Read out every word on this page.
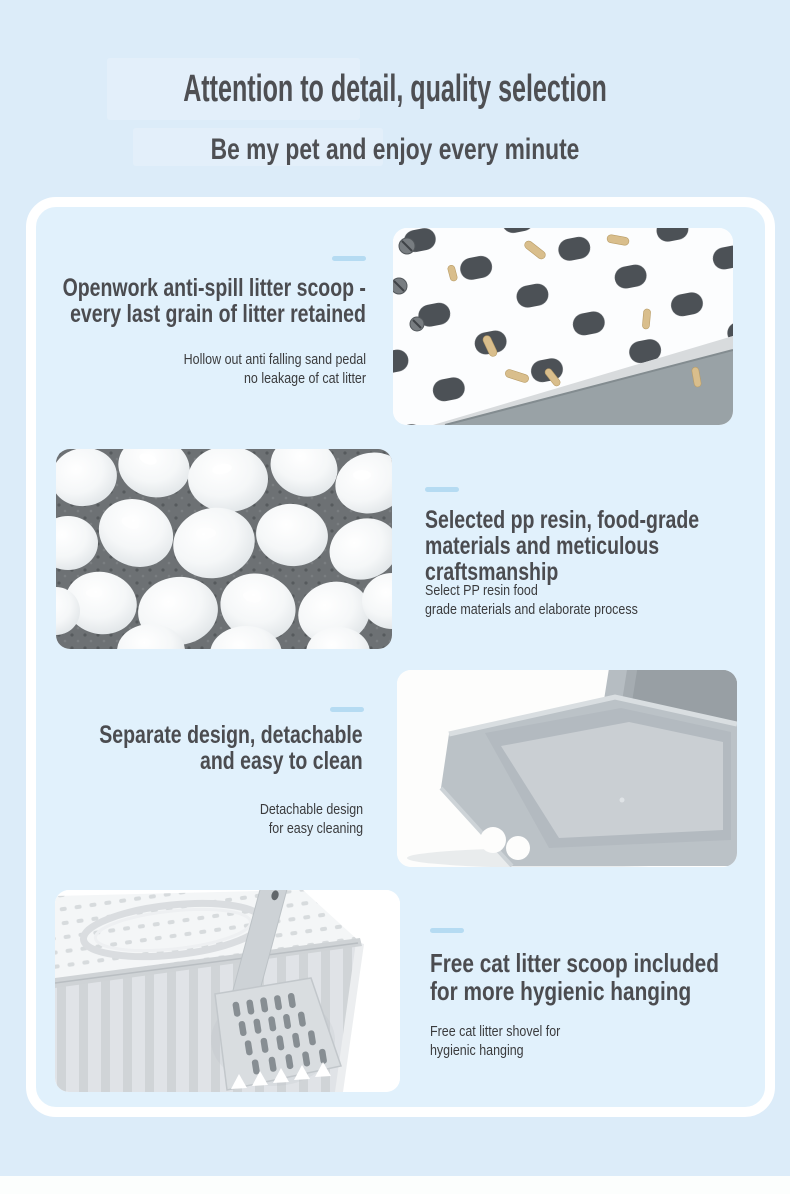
Attention to detail, quality selection
Be my pet and enjoy every minute
Openwork anti-spill litter scoop -
every last grain of litter retained
Hollow out anti falling sand pedal
no leakage of cat litter
Selected pp resin, food-grade
materials and meticulous
craftsmanship
Select PP resin food
grade materials and elaborate process
Separate design, detachable
and easy to clean
Detachable design
for easy cleaning
Free cat litter scoop included
for more hygienic hanging
Free cat litter shovel for
hygienic hanging
